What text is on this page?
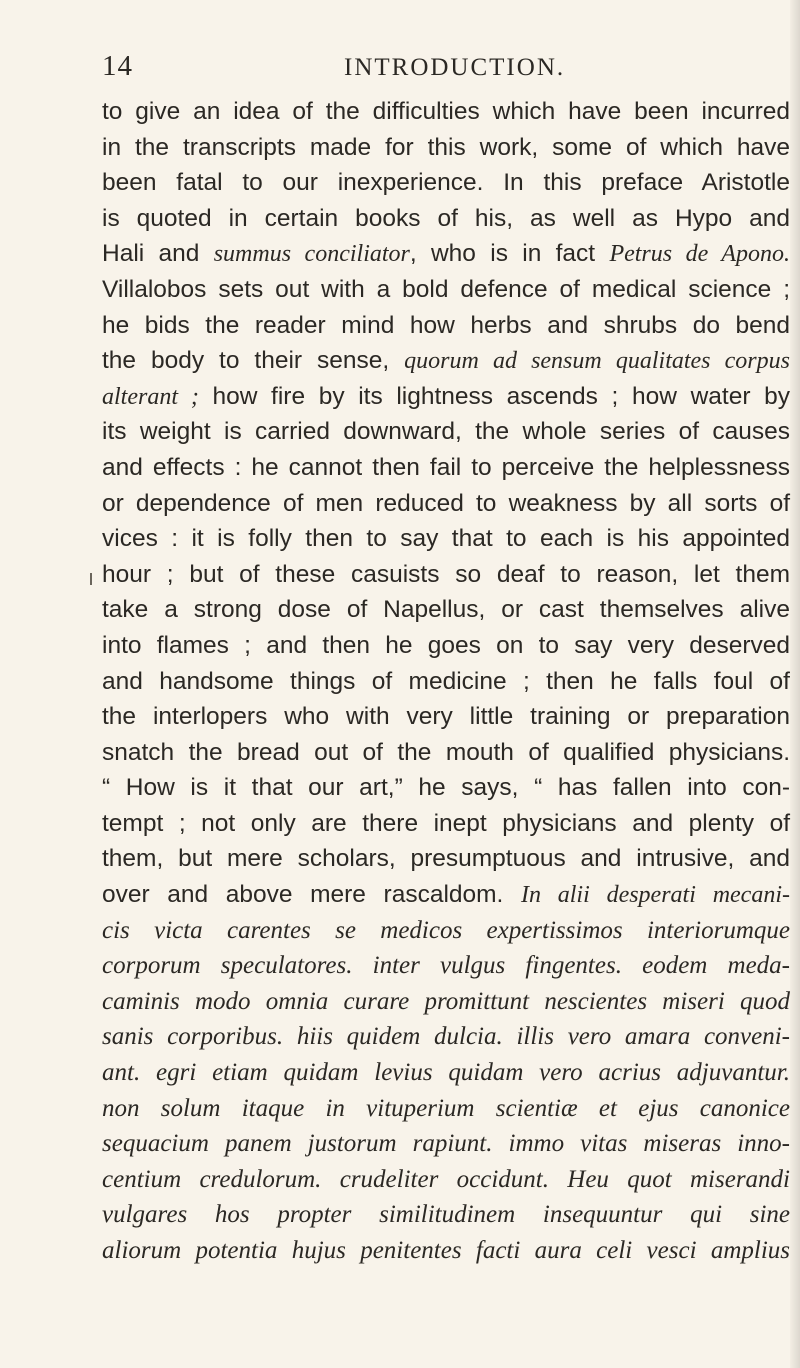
14	INTRODUCTION.
to give an idea of the difficulties which have been incurred
in the transcripts made for this work, some of which have
been fatal to our inexperience. In this preface Aristotle
is quoted in certain books of his, as well as Hypo and
Hali and summus conciliator, who is in fact Petrus de Apono.
Villalobos sets out with a bold defence of medical science ;
he bids the reader mind how herbs and shrubs do bend
the body to their sense, quorum ad sensum qualitates corpus
alterant ; how fire by its lightness ascends ; how water by
its weight is carried downward, the whole series of causes
and effects : he cannot then fail to perceive the helplessness
or dependence of men reduced to weakness by all sorts of
vices : it is folly then to say that to each is his appointed
hour ; but of these casuists so deaf to reason, let them
take a strong dose of Napellus, or cast themselves alive
into flames ; and then he goes on to say very deserved
and handsome things of medicine ; then he falls foul of
the interlopers who with very little training or preparation
snatch the bread out of the mouth of qualified physicians.
“ How is it that our art,” he says, “ has fallen into con-
tempt ; not only are there inept physicians and plenty of
them, but mere scholars, presumptuous and intrusive, and
over and above mere rascaldom. In alii desperati mecani-
cis victa carentes se medicos expertissimos interiorumque
corporum speculatores. inter vulgus fingentes. eodem meda-
caminis modo omnia curare promittunt nescientes miseri quod
sanis corporibus. hiis quidem dulcia. illis vero amara conveni-
ant. egri etiam quidam levius quidam vero acrius adjuvantur.
non solum itaque in vituperium scientiæ et ejus canonice
sequacium panem justorum rapiunt. immo vitas miseras inno-
centium credulorum. crudeliter occidunt. Heu quot miserandi
vulgares hos propter similitudinem insequuntur qui sine
aliorum potentia hujus penitentes facti aura celi vesci amplius
